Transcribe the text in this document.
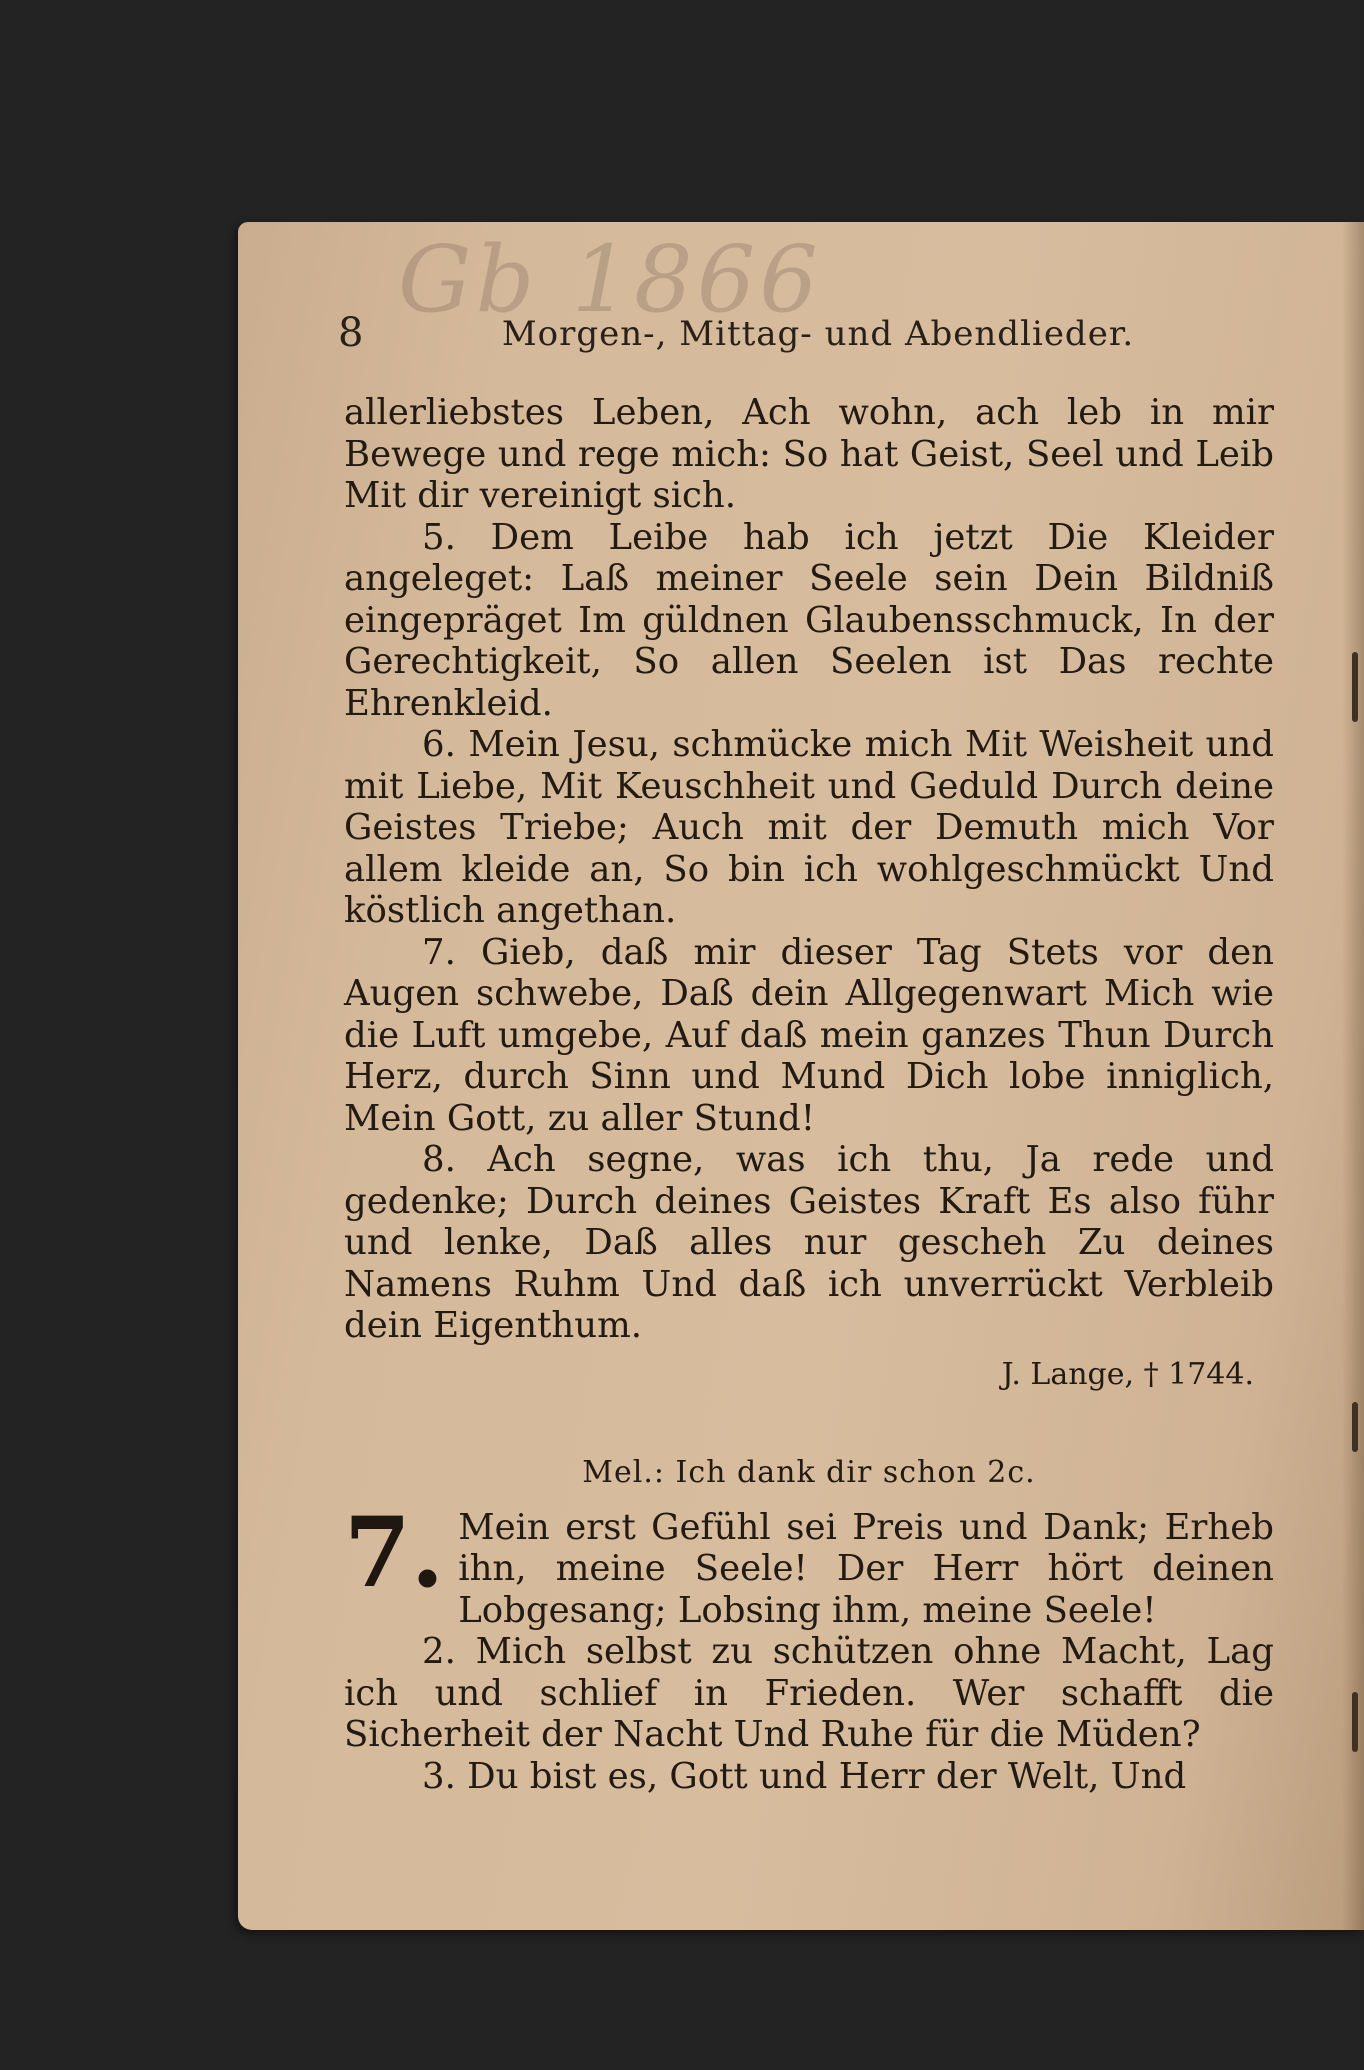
Gb 1866
8	Morgen-, Mittag- und Abendlieder.

allerliebstes Leben, Ach wohn, ach leb in mir Bewege und rege mich: So hat Geist, Seel und Leib Mit dir vereinigt sich.

5. Dem Leibe hab ich jetzt Die Kleider angeleget: Laß meiner Seele sein Dein Bildniß eingepräget Im güldnen Glaubensschmuck, In der Gerechtigkeit, So allen Seelen ist Das rechte Ehrenkleid.

6. Mein Jesu, schmücke mich Mit Weisheit und mit Liebe, Mit Keuschheit und Geduld Durch deine Geistes Triebe; Auch mit der Demuth mich Vor allem kleide an, So bin ich wohlgeschmückt Und köstlich angethan.

7. Gieb, daß mir dieser Tag Stets vor den Augen schwebe, Daß dein Allgegenwart Mich wie die Luft umgebe, Auf daß mein ganzes Thun Durch Herz, durch Sinn und Mund Dich lobe inniglich, Mein Gott, zu aller Stund!

8. Ach segne, was ich thu, Ja rede und gedenke; Durch deines Geistes Kraft Es also führ und lenke, Daß alles nur gescheh Zu deines Namens Ruhm Und daß ich unverrückt Verbleib dein Eigenthum.

J. Lange, † 1744.
Mel.: Ich dank dir schon 2c.

7. Mein erst Gefühl sei Preis und Dank; Erheb ihn, meine Seele! Der Herr hört deinen Lobgesang; Lobsing ihm, meine Seele!

2. Mich selbst zu schützen ohne Macht, Lag ich und schlief in Frieden. Wer schafft die Sicherheit der Nacht Und Ruhe für die Müden?

3. Du bist es, Gott und Herr der Welt, Und
